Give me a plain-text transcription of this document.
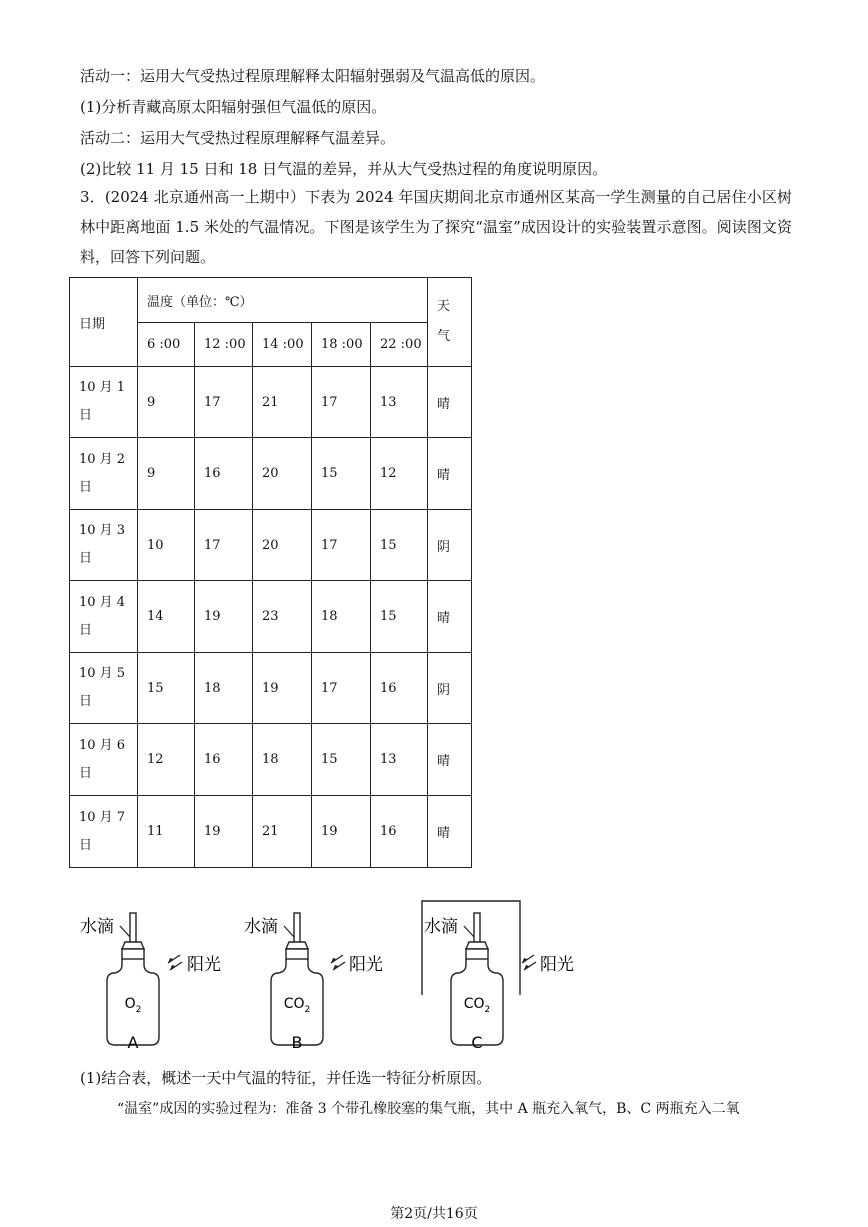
活动一：运用大气受热过程原理解释太阳辐射强弱及气温高低的原因。
(1)分析青藏高原太阳辐射强但气温低的原因。
活动二：运用大气受热过程原理解释气温差异。
(2)比较 11 月 15 日和 18 日气温的差异，并从大气受热过程的角度说明原因。
3．(2024 北京通州高一上期中）下表为 2024 年国庆期间北京市通州区某高一学生测量的自己居住小区树林中距离地面 1.5 米处的气温情况。下图是该学生为了探究“温室”成因设计的实验装置示意图。阅读图文资料，回答下列问题。
日期	温度（单位：℃）					天
气
	6 :00	12 :00	14 :00	18 :00	22 :00	
10 月 1
日	9	17	21	17	13	晴
10 月 2
日	9	16	20	15	12	晴
10 月 3
日	10	17	20	17	15	阴
10 月 4
日	14	19	23	18	15	晴
10 月 5
日	15	18	19	17	16	阴
10 月 6
日	12	16	18	15	13	晴
10 月 7
日	11	19	21	19	16	晴
水滴
阳光
$O_2$
A
水滴
阳光
$CO_2$
B
水滴
阳光
$CO_2$
C
(1)结合表，概述一天中气温的特征，并任选一特征分析原因。
“温室”成因的实验过程为：准备 3 个带孔橡胶塞的集气瓶，其中 A 瓶充入氧气，B、C 两瓶充入二氧
第2页/共16页
